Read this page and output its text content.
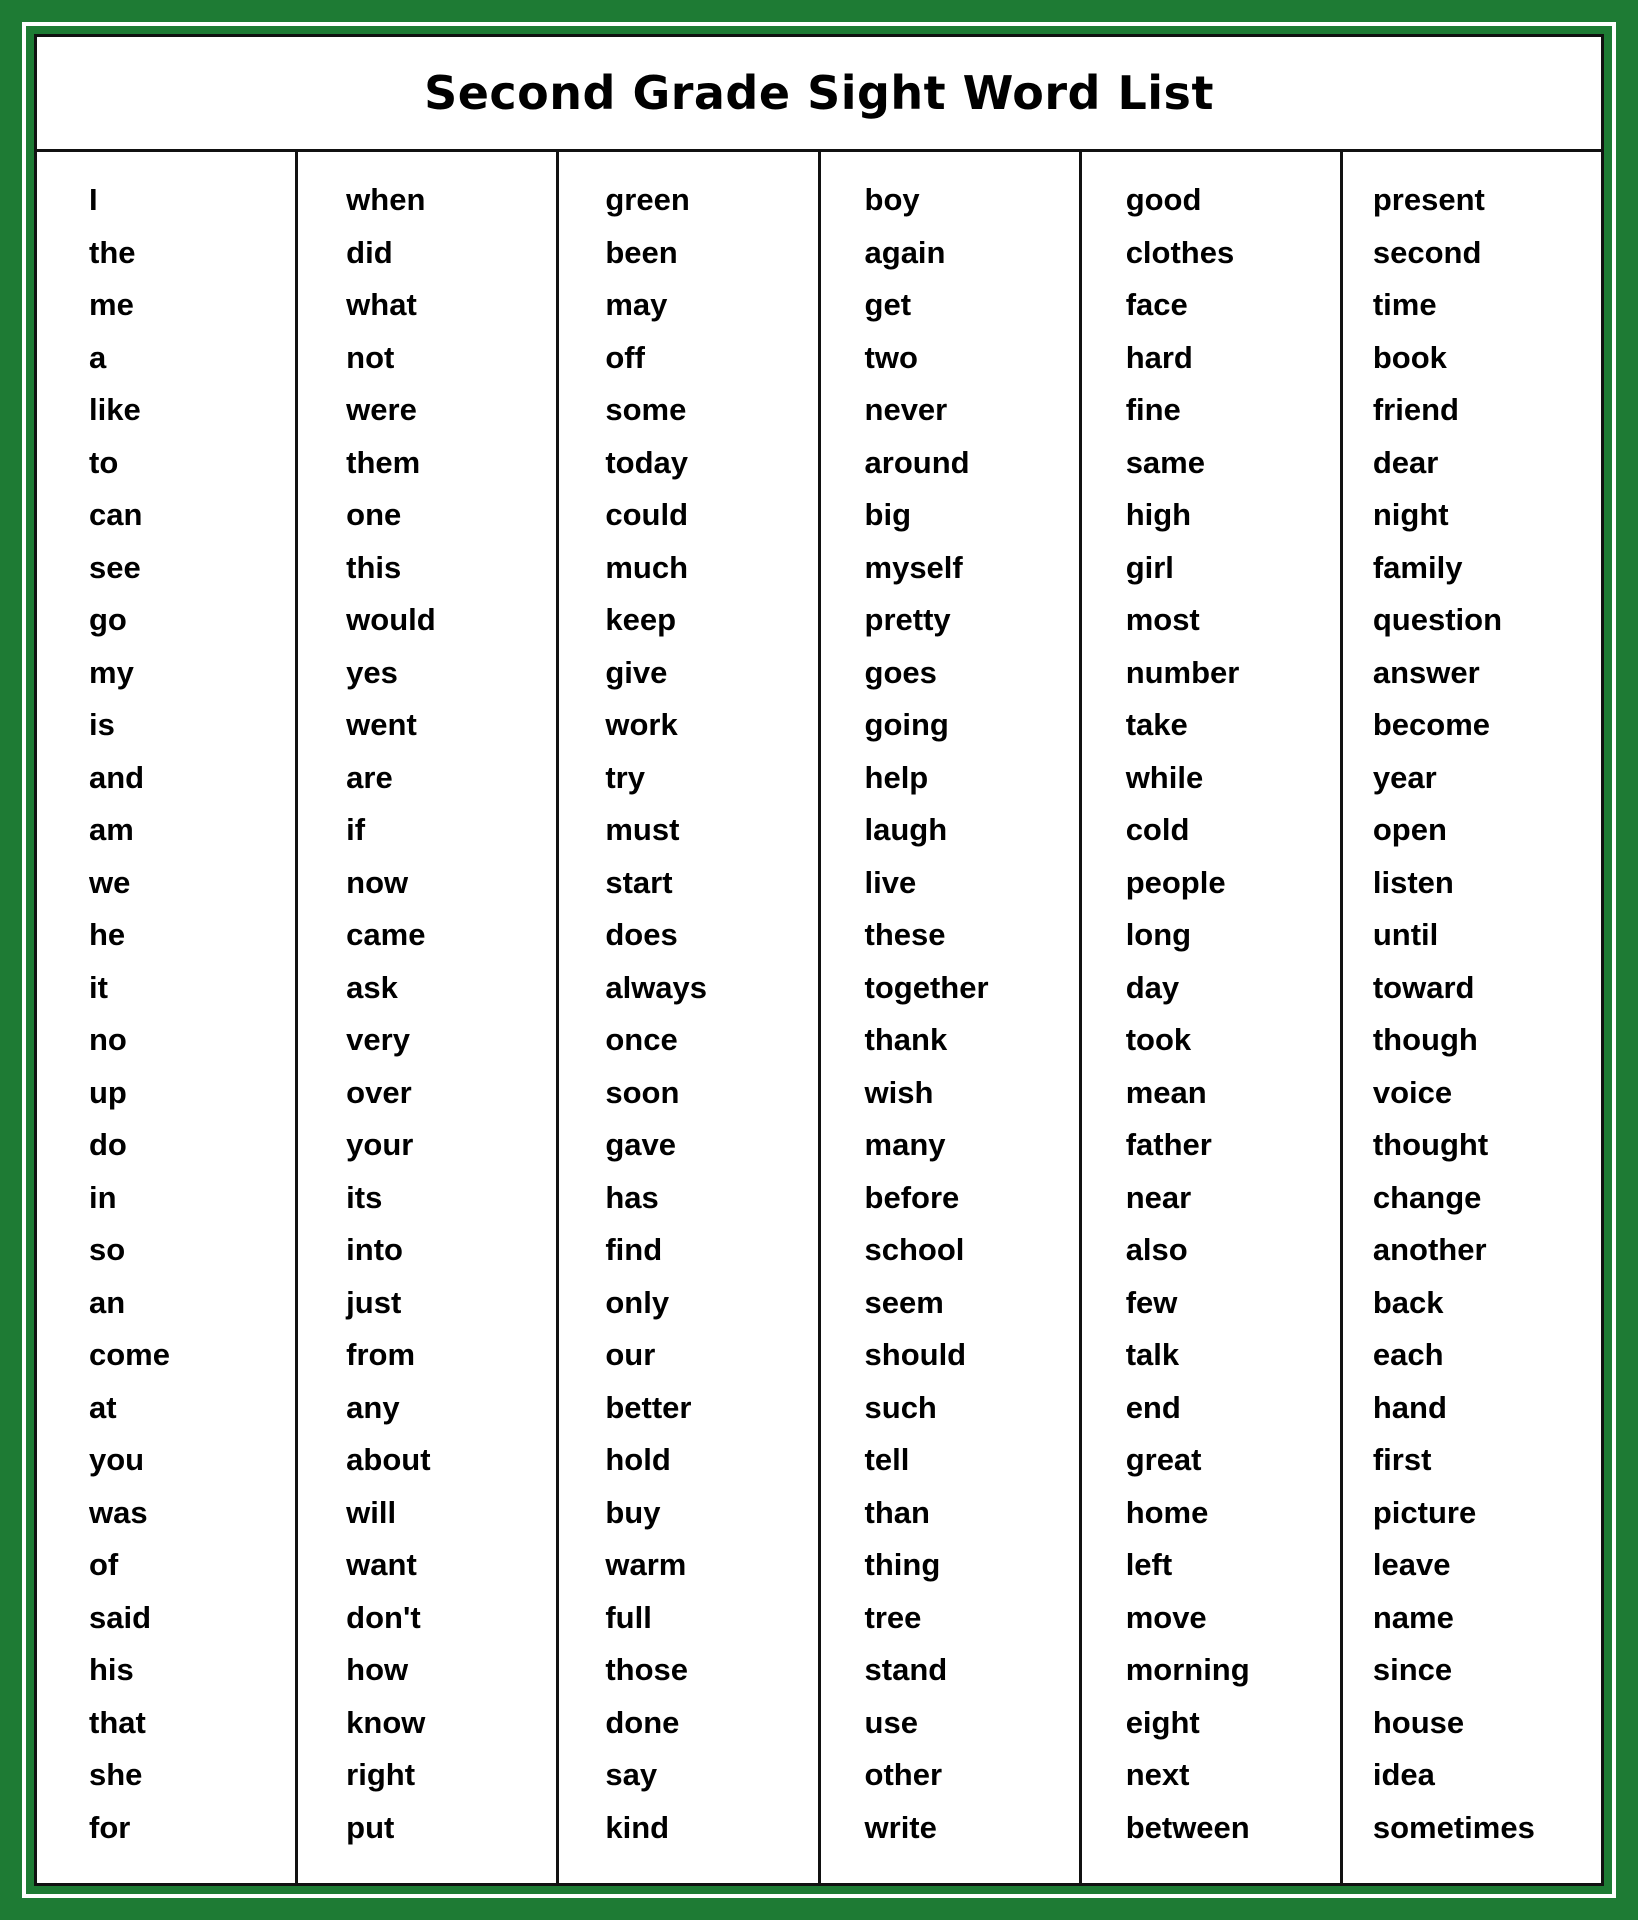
Second Grade Sight Word List
I
the
me
a
like
to
can
see
go
my
is
and
am
we
he
it
no
up
do
in
so
an
come
at
you
was
of
said
his
that
she
for
when
did
what
not
were
them
one
this
would
yes
went
are
if
now
came
ask
very
over
your
its
into
just
from
any
about
will
want
don't
how
know
right
put
green
been
may
off
some
today
could
much
keep
give
work
try
must
start
does
always
once
soon
gave
has
find
only
our
better
hold
buy
warm
full
those
done
say
kind
boy
again
get
two
never
around
big
myself
pretty
goes
going
help
laugh
live
these
together
thank
wish
many
before
school
seem
should
such
tell
than
thing
tree
stand
use
other
write
good
clothes
face
hard
fine
same
high
girl
most
number
take
while
cold
people
long
day
took
mean
father
near
also
few
talk
end
great
home
left
move
morning
eight
next
between
present
second
time
book
friend
dear
night
family
question
answer
become
year
open
listen
until
toward
though
voice
thought
change
another
back
each
hand
first
picture
leave
name
since
house
idea
sometimes
